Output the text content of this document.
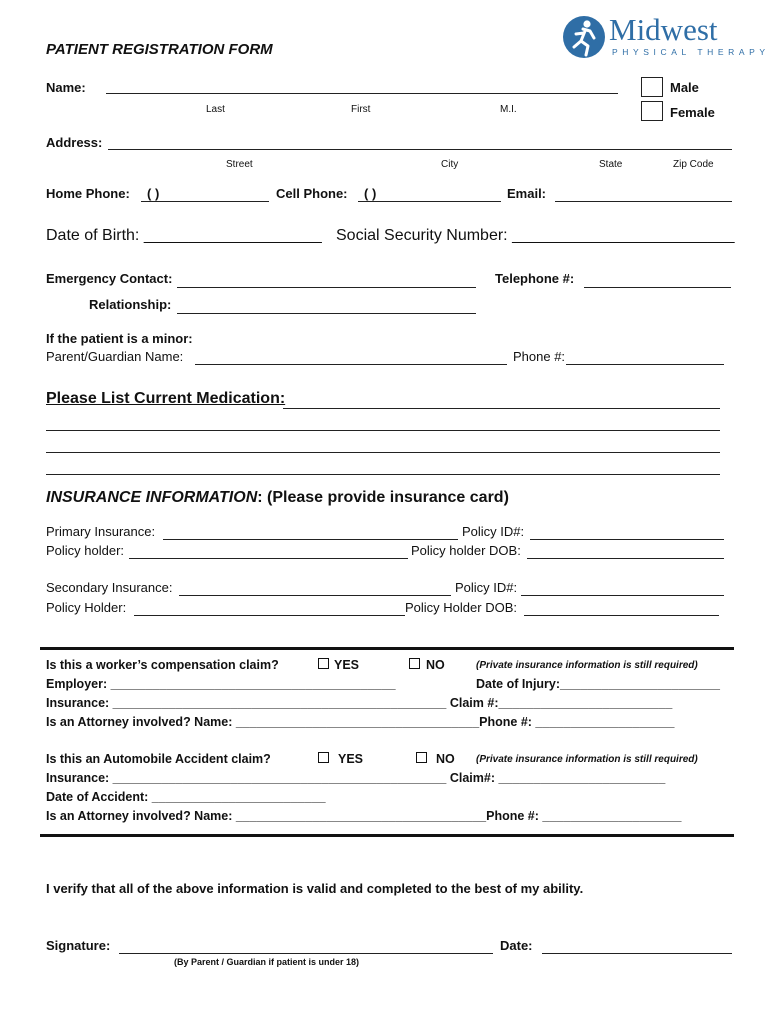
Midwest
PHYSICAL THERAPY
PATIENT REGISTRATION FORM
Name:
Last	First	M.I.
Male
Female
Address:
Street	City	State	Zip Code
Home Phone: ( )	Cell Phone: ( )	Email:
Date of Birth: ____________________ Social Security Number: _________________________
Emergency Contact:	Telephone #:
Relationship:
If the patient is a minor:
Parent/Guardian Name:	Phone #:
Please List Current Medication:
INSURANCE INFORMATION: (Please provide insurance card)
Primary Insurance:	Policy ID#:
Policy holder:	Policy holder DOB:
Secondary Insurance:	Policy ID#:
Policy Holder:	Policy Holder DOB:
Is this a worker’s compensation claim?	YES	NO	(Private insurance information is still required)
Employer: _________________________________________	Date of Injury:_______________________
Insurance: ________________________________________________ Claim #:_________________________
Is an Attorney involved? Name: ___________________________________Phone #: ____________________
Is this an Automobile Accident claim?	YES	NO (Private insurance information is still required)
Insurance: ________________________________________________ Claim#: ________________________
Date of Accident: _________________________
Is an Attorney involved? Name: ____________________________________Phone #: ____________________
I verify that all of the above information is valid and completed to the best of my ability.
Signature:	Date:
(By Parent / Guardian if patient is under 18)
